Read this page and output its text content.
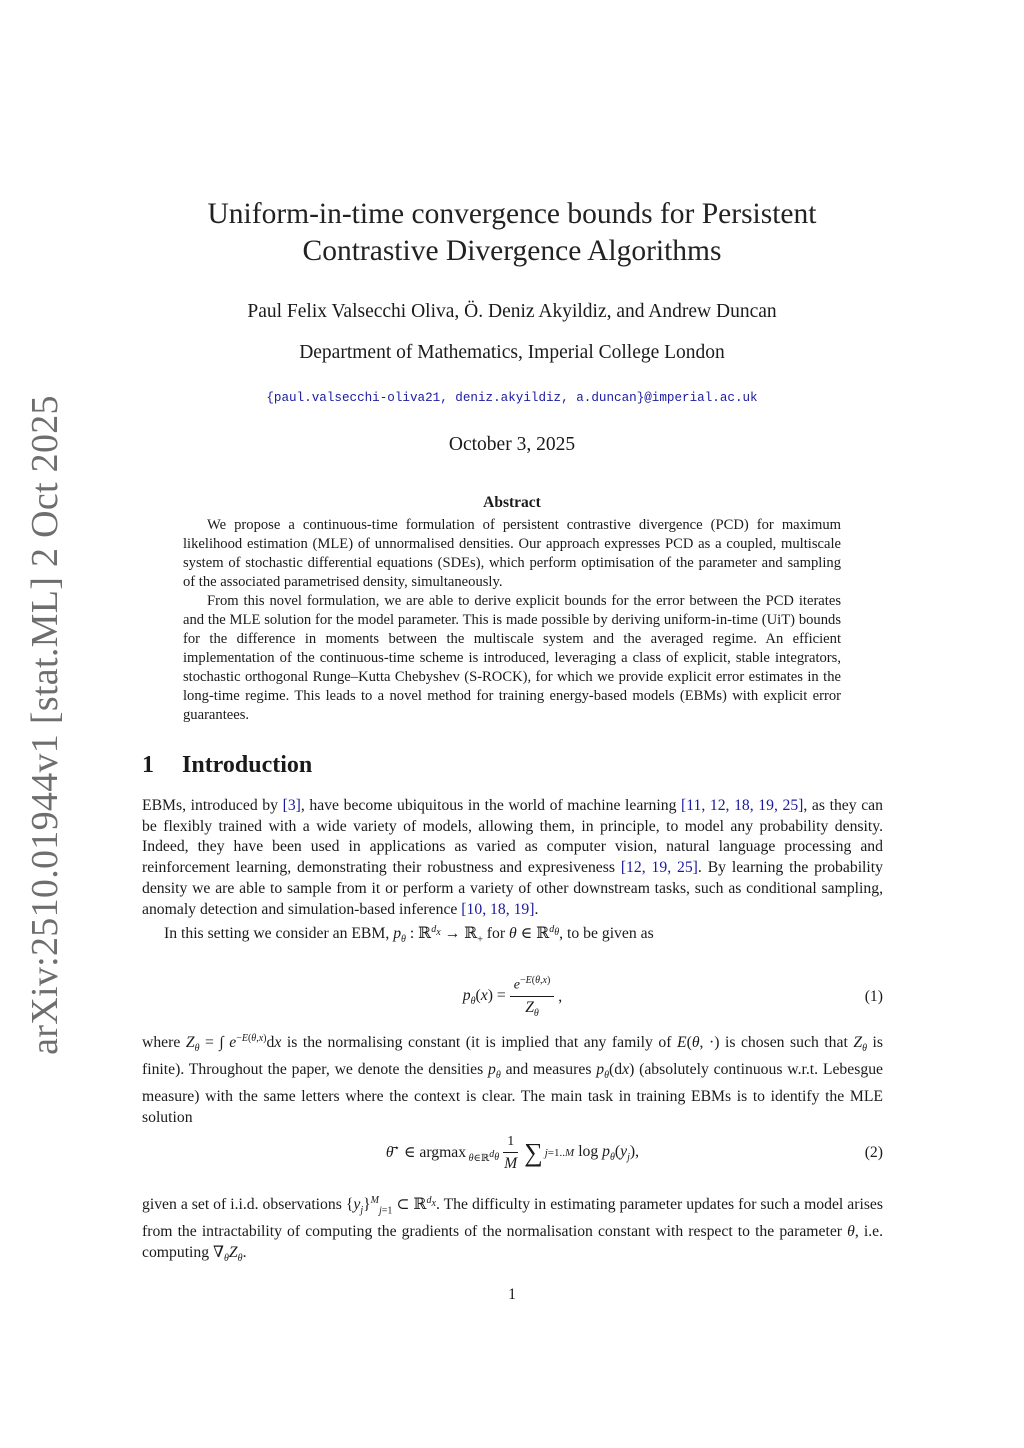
arXiv:2510.01944v1 [stat.ML] 2 Oct 2025
Uniform-in-time convergence bounds for Persistent
Contrastive Divergence Algorithms
Paul Felix Valsecchi Oliva, Ö. Deniz Akyildiz, and Andrew Duncan
Department of Mathematics, Imperial College London
{paul.valsecchi-oliva21, deniz.akyildiz, a.duncan}@imperial.ac.uk
October 3, 2025
Abstract

We propose a continuous-time formulation of persistent contrastive divergence (PCD) for maximum likelihood estimation (MLE) of unnormalised densities. Our approach expresses PCD as a coupled, multiscale system of stochastic differential equations (SDEs), which perform optimisation of the parameter and sampling of the associated parametrised density, simultaneously.

From this novel formulation, we are able to derive explicit bounds for the error between the PCD iterates and the MLE solution for the model parameter. This is made possible by deriving uniform-in-time (UiT) bounds for the difference in moments between the multiscale system and the averaged regime. An efficient implementation of the continuous-time scheme is introduced, leveraging a class of explicit, stable integrators, stochastic orthogonal Runge–Kutta Chebyshev (S-ROCK), for which we provide explicit error estimates in the long-time regime. This leads to a novel method for training energy-based models (EBMs) with explicit error guarantees.

1 Introduction

EBMs, introduced by [3], have become ubiquitous in the world of machine learning [11, 12, 18, 19, 25], as they can be flexibly trained with a wide variety of models, allowing them, in principle, to model any probability density. Indeed, they have been used in applications as varied as computer vision, natural language processing and reinforcement learning, demonstrating their robustness and expresiveness [12, 19, 25]. By learning the probability density we are able to sample from it or perform a variety of other downstream tasks, such as conditional sampling, anomaly detection and simulation-based inference [10, 18, 19].

In this setting we consider an EBM, $p_\theta$ : ℝ$^{d_x}$ → ℝ$_+$ for θ ∈ ℝ$^{d_\theta}$, to be given as

$p_\theta(x) = \frac{e^{-E(\theta,x)}}{Z_\theta}$ ,	(1)

where $Z_\theta$ = ∫ $e^{-E(\theta,x)}dx$ is the normalising constant (it is implied that any family of E(θ, ·) is chosen such that $Z_\theta$ is finite). Throughout the paper, we denote the densities $p_\theta$ and measures $p_\theta(dx)$ (absolutely continuous w.r.t. Lebesgue measure) with the same letters where the context is clear. The main task in training EBMs is to identify the MLE solution

θ̄⋆ ∈ argmax $_{\theta\in ℝ^{d_\theta}} \frac{1}{M}$ ∑ j=1..M $\log p_\theta(y_j)$,	(2)

given a set of i.i.d. observations $\{y_j\}^M_{j=1}$ ⊂ ℝ$^{d_x}$. The difficulty in estimating parameter updates for such a model arises from the intractability of computing the gradients of the normalisation constant with respect to the parameter θ, i.e. computing $\nabla_\theta Z_\theta$.

1
